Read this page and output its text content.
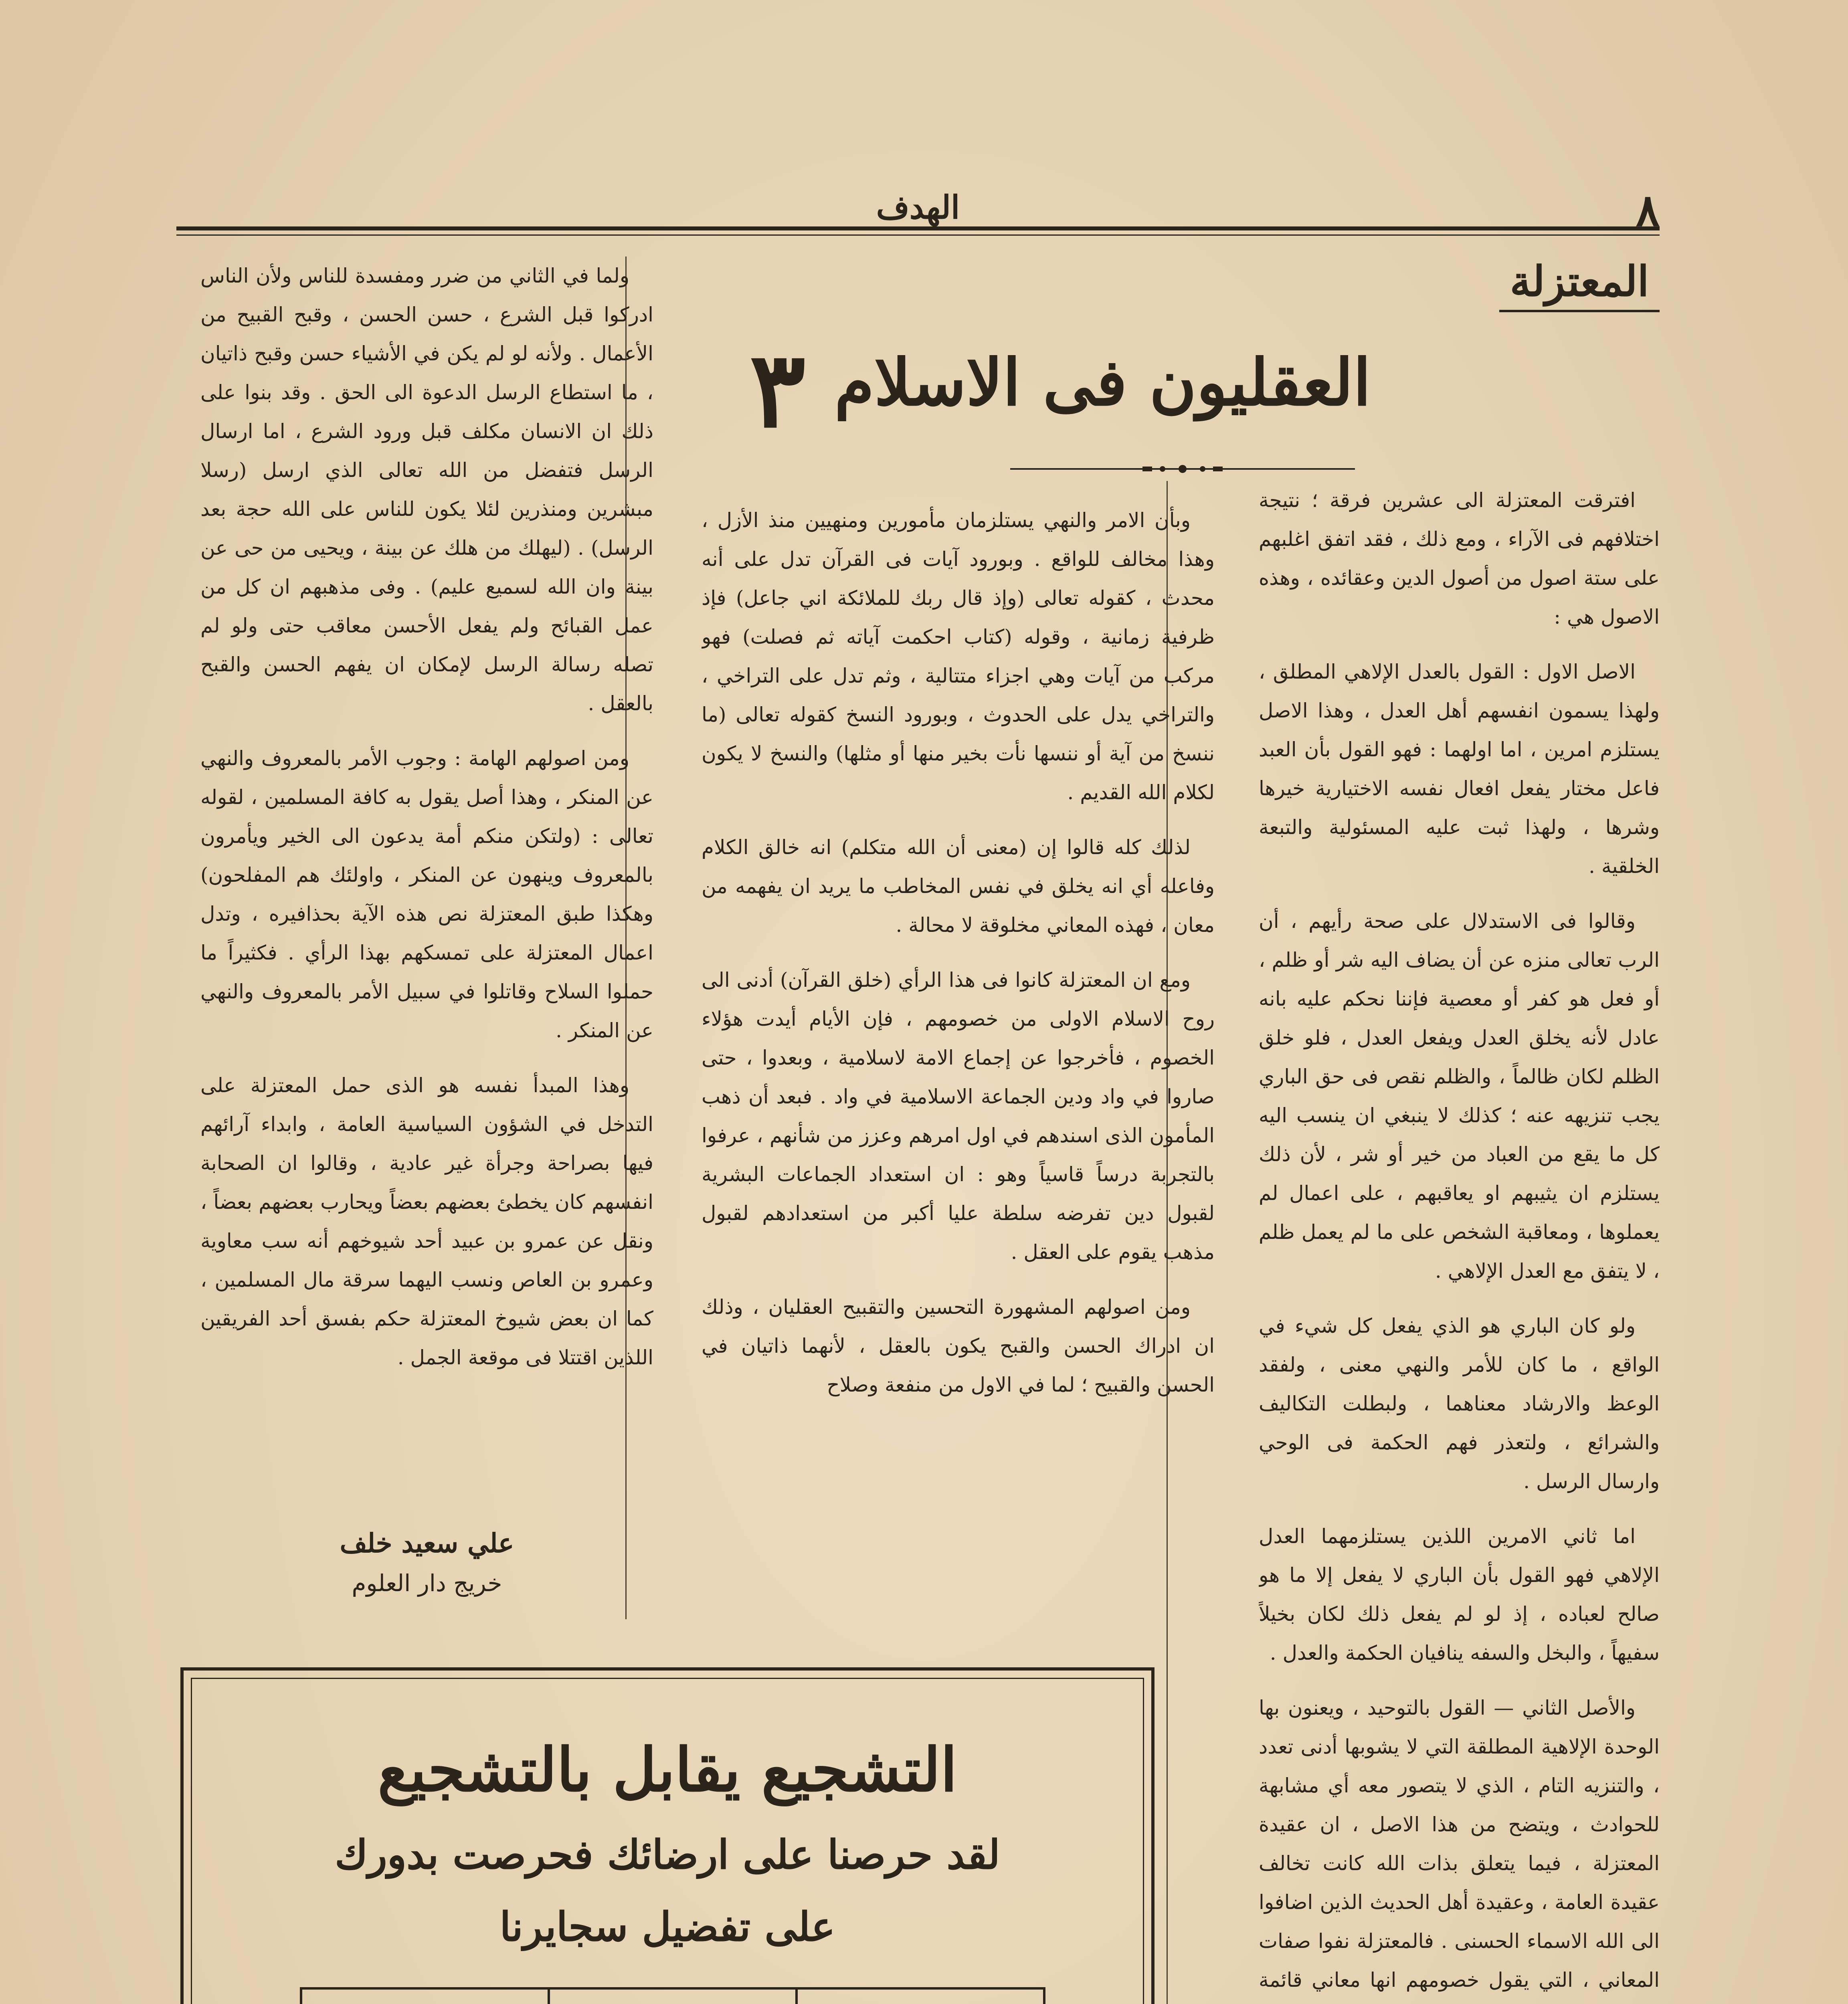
٨
الهدف
المعتزلة
العقليون فى الاسلام
٣

افترقت المعتزلة الى عشرين فرقة ؛ نتيجة اختلافهم فى الآراء ، ومع ذلك ، فقد اتفق اغلبهم على ستة اصول من أصول الدين وعقائده ، وهذه الاصول هي :

الاصل الاول : القول بالعدل الإلاهي المطلق ، ولهذا يسمون انفسهم أهل العدل ، وهذا الاصل يستلزم امرين ، اما اولهما : فهو القول بأن العبد فاعل مختار يفعل افعال نفسه الاختيارية خيرها وشرها ، ولهذا ثبت عليه المسئولية والتبعة الخلقية .

وقالوا فى الاستدلال على صحة رأيهم ، أن الرب تعالى منزه عن أن يضاف اليه شر أو ظلم ، أو فعل هو كفر أو معصية فإننا نحكم عليه بانه عادل لأنه يخلق العدل ويفعل العدل ، فلو خلق الظلم لكان ظالماً ، والظلم نقص فى حق الباري يجب تنزيهه عنه ؛ كذلك لا ينبغي ان ينسب اليه كل ما يقع من العباد من خير أو شر ، لأن ذلك يستلزم ان يثيبهم او يعاقبهم ، على اعمال لم يعملوها ، ومعاقبة الشخص على ما لم يعمل ظلم ، لا يتفق مع العدل الإلاهي .

ولو كان الباري هو الذي يفعل كل شيء في الواقع ، ما كان للأمر والنهي معنى ، ولفقد الوعظ والارشاد معناهما ، ولبطلت التكاليف والشرائع ، ولتعذر فهم الحكمة فى الوحي وارسال الرسل .

اما ثاني الامرين اللذين يستلزمهما العدل الإلاهي فهو القول بأن الباري لا يفعل إلا ما هو صالح لعباده ، إذ لو لم يفعل ذلك لكان بخيلاً سفيهاً ، والبخل والسفه ينافيان الحكمة والعدل .

والأصل الثاني — القول بالتوحيد ، ويعنون بها الوحدة الإلاهية المطلقة التي لا يشوبها أدنى تعدد ، والتنزيه التام ، الذي لا يتصور معه أي مشابهة للحوادث ، ويتضح من هذا الاصل ، ان عقيدة المعتزلة ، فيما يتعلق بذات الله كانت تخالف عقيدة العامة ، وعقيدة أهل الحديث الذين اضافوا الى الله الاسماء الحسنى . فالمعتزلة نفوا صفات المعاني ، التي يقول خصومهم انها معاني قائمة

وبأن الامر والنهي يستلزمان مأمورين ومنهيين منذ الأزل ، وهذا مخالف للواقع . وبورود آيات فى القرآن تدل على أنه محدث ، كقوله تعالى (وإذ قال ربك للملائكة اني جاعل) فإذ ظرفية زمانية ، وقوله (كتاب احكمت آياته ثم فصلت) فهو مركب من آيات وهي اجزاء متتالية ، وثم تدل على التراخي ، والتراخي يدل على الحدوث ، وبورود النسخ كقوله تعالى (ما ننسخ من آية أو ننسها نأت بخير منها أو مثلها) والنسخ لا يكون لكلام الله القديم .

لذلك كله قالوا إن (معنى أن الله متكلم) انه خالق الكلام وفاعله أي انه يخلق في نفس المخاطب ما يريد ان يفهمه من معان ، فهذه المعاني مخلوقة لا محالة .

ومع ان المعتزلة كانوا فى هذا الرأي (خلق القرآن) أدنى الى روح الاسلام الاولى من خصومهم ، فإن الأيام أيدت هؤلاء الخصوم ، فأخرجوا عن إجماع الامة لاسلامية ، وبعدوا ، حتى صاروا في واد ودين الجماعة الاسلامية في واد . فبعد أن ذهب المأمون الذى اسندهم في اول امرهم وعزز من شأنهم ، عرفوا بالتجربة درساً قاسياً وهو : ان استعداد الجماعات البشرية لقبول دين تفرضه سلطة عليا أكبر من استعدادهم لقبول مذهب يقوم على العقل .

ومن اصولهم المشهورة التحسين والتقبيح العقليان ، وذلك ان ادراك الحسن والقبح يكون بالعقل ، لأنهما ذاتيان في الحسن والقبيح ؛ لما في الاول من منفعة وصلاح

ولما في الثاني من ضرر ومفسدة للناس ولأن الناس ادركوا قبل الشرع ، حسن الحسن ، وقبح القبيح من الأعمال . ولأنه لو لم يكن في الأشياء حسن وقبح ذاتيان ، ما استطاع الرسل الدعوة الى الحق . وقد بنوا على ذلك ان الانسان مكلف قبل ورود الشرع ، اما ارسال الرسل فتفضل من الله تعالى الذي ارسل (رسلا مبشرين ومنذرين لئلا يكون للناس على الله حجة بعد الرسل) . (ليهلك من هلك عن بينة ، ويحيى من حى عن بينة وان الله لسميع عليم) . وفى مذهبهم ان كل من عمل القبائح ولم يفعل الأحسن معاقب حتى ولو لم تصله رسالة الرسل لإمكان ان يفهم الحسن والقبح بالعقل .

ومن اصولهم الهامة : وجوب الأمر بالمعروف والنهي عن المنكر ، وهذا أصل يقول به كافة المسلمين ، لقوله تعالى : (ولتكن منكم أمة يدعون الى الخير ويأمرون بالمعروف وينهون عن المنكر ، واولئك هم المفلحون) وهكذا طبق المعتزلة نص هذه الآية بحذافيره ، وتدل اعمال المعتزلة على تمسكهم بهذا الرأي . فكثيراً ما حملوا السلاح وقاتلوا في سبيل الأمر بالمعروف والنهي عن المنكر .

وهذا المبدأ نفسه هو الذى حمل المعتزلة على التدخل في الشؤون السياسية العامة ، وابداء آرائهم فيها بصراحة وجرأة غير عادية ، وقالوا ان الصحابة انفسهم كان يخطئ بعضهم بعضاً ويحارب بعضهم بعضاً ، ونقل عن عمرو بن عبيد أحد شيوخهم أنه سب معاوية وعمرو بن العاص ونسب اليهما سرقة مال المسلمين ، كما ان بعض شيوخ المعتزلة حكم بفسق أحد الفريقين اللذين اقتتلا فى موقعة الجمل .

علي سعيد خلف
خريج دار العلوم
التشجيع يقابل بالتشجيع
لقد حرصنا على ارضائك فحرصت بدورك
على تفضيل سجايرنا
